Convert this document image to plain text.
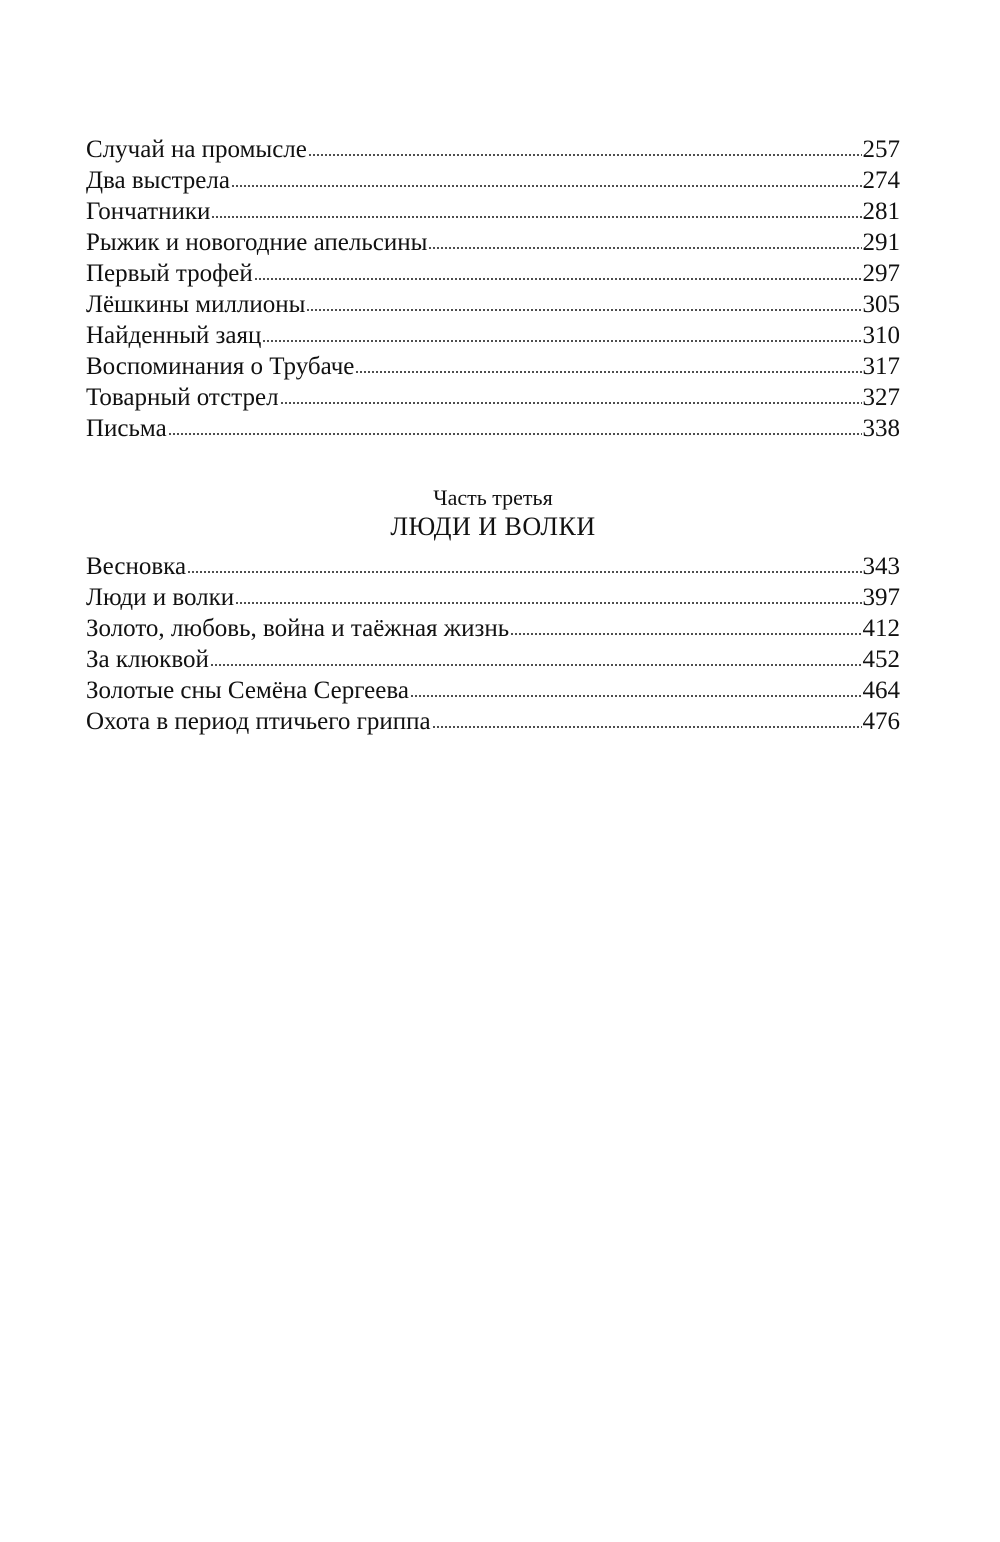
Случай на промысле	257
Два выстрела	274
Гончатники	281
Рыжик и новогодние апельсины	291
Первый трофей	297
Лёшкины миллионы	305
Найденный заяц	310
Воспоминания о Трубаче	317
Товарный отстрел	327
Письма	338
Часть третья
ЛЮДИ И ВОЛКИ
Весновка	343
Люди и волки	397
Золото, любовь, война и таёжная жизнь	412
За клюквой	452
Золотые сны Семёна Сергеева	464
Охота в период птичьего гриппа	476
